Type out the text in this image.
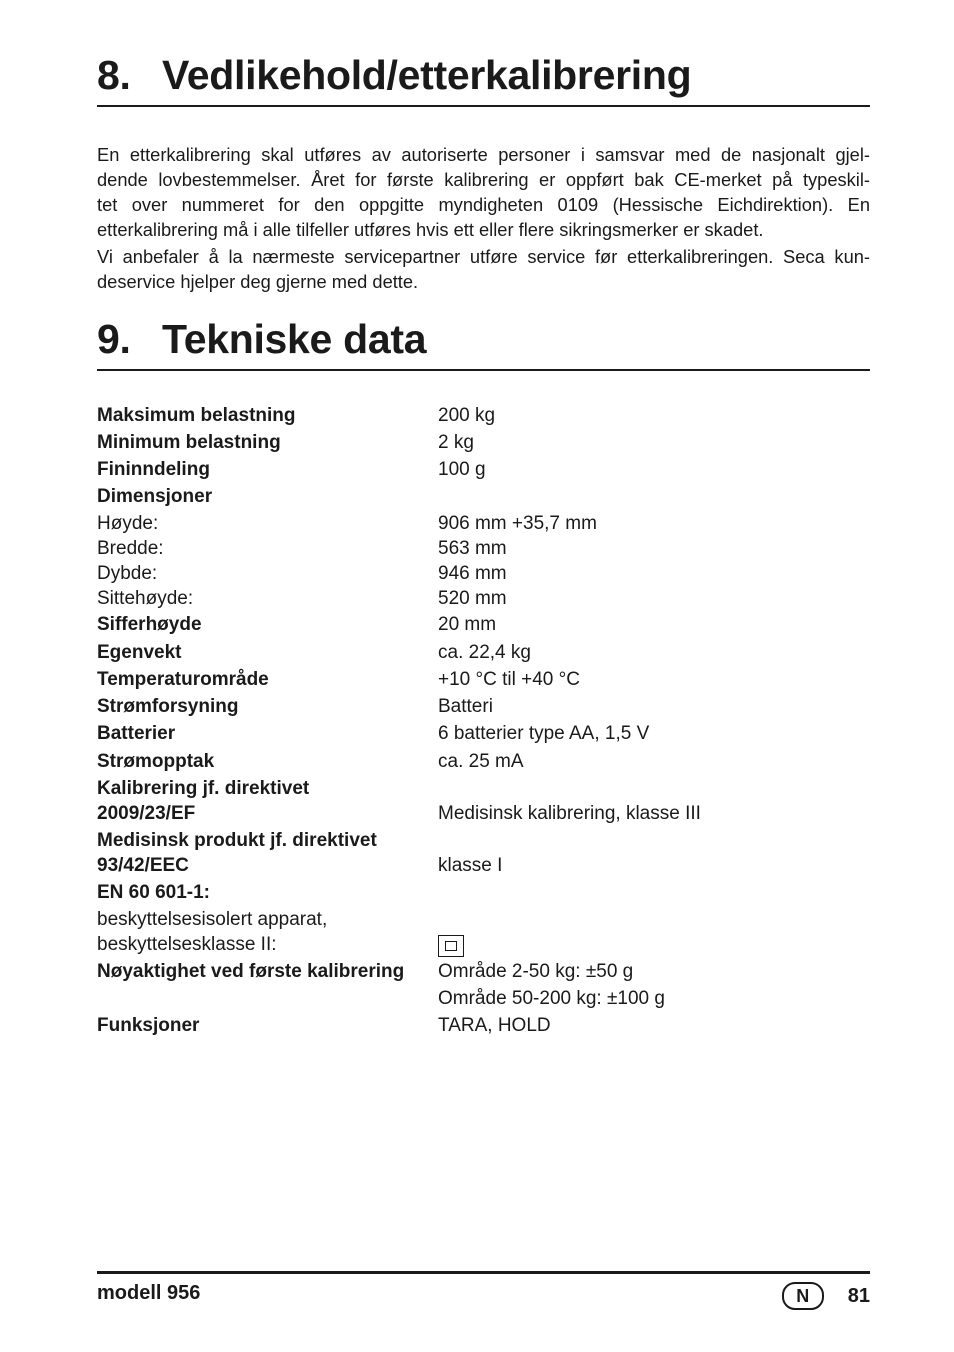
8. Vedlikehold/etterkalibrering
En etterkalibrering skal utføres av autoriserte personer i samsvar med de nasjonalt gjel-
dende lovbestemmelser. Året for første kalibrering er oppført bak CE-merket på typeskil-
tet over nummeret for den oppgitte myndigheten 0109 (Hessische Eichdirektion). En
etterkalibrering må i alle tilfeller utføres hvis ett eller flere sikringsmerker er skadet.
Vi anbefaler å la nærmeste servicepartner utføre service før etterkalibreringen. Seca kun-
deservice hjelper deg gjerne med dette.
9. Tekniske data
Maksimum belastning	200 kg
Minimum belastning	2 kg
Fininndeling	100 g
Dimensjoner
Høyde:	906 mm +35,7 mm
Bredde:	563 mm
Dybde:	946 mm
Sittehøyde:	520 mm
Sifferhøyde	20 mm
Egenvekt	ca. 22,4 kg
Temperaturområde	+10 °C til +40 °C
Strømforsyning	Batteri
Batterier	6 batterier type AA, 1,5 V
Strømopptak	ca. 25 mA
Kalibrering jf. direktivet
2009/23/EF	Medisinsk kalibrering, klasse III
Medisinsk produkt jf. direktivet
93/42/EEC	klasse I
EN 60 601-1:
beskyttelsesisolert apparat,
beskyttelsesklasse II:
Nøyaktighet ved første kalibrering	Område 2-50 kg: ±50 g
Område 50-200 kg: ±100 g
Funksjoner	TARA, HOLD
modell 956	N	81
